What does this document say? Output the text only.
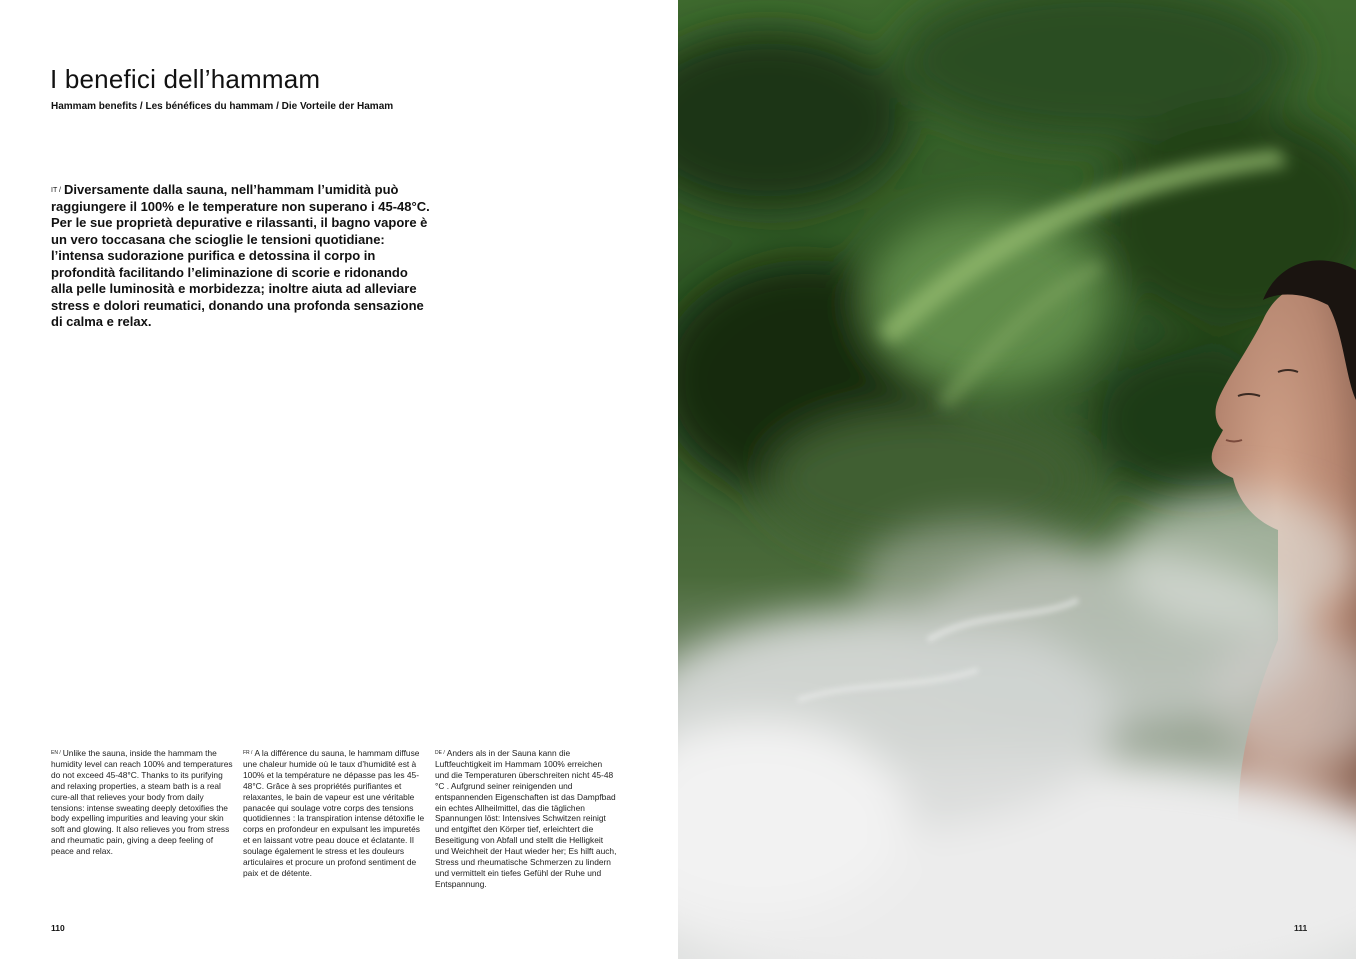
I benefici dell’hammam

Hammam benefits / Les bénéfices du hammam / Die Vorteile der Hamam

$^{IT /}$ Diversamente dalla sauna, nell’hammam l’umidità può raggiungere il 100% e le temperature non superano i 45-48°C. Per le sue proprietà depurative e rilassanti, il bagno vapore è un vero toccasana che scioglie le tensioni quotidiane: l’intensa sudorazione purifica e detossina il corpo in profondità facilitando l’eliminazione di scorie e ridonando alla pelle luminosità e morbidezza; inoltre aiuta ad alleviare stress e dolori reumatici, donando una profonda sensazione di calma e relax.

$^{EN /}$ Unlike the sauna, inside the hammam the humidity level can reach 100% and temperatures do not exceed 45-48°C. Thanks to its purifying and relaxing properties, a steam bath is a real cure-all that relieves your body from daily tensions: intense sweating deeply detoxifies the body expelling impurities and leaving your skin soft and glowing. It also relieves you from stress and rheumatic pain, giving a deep feeling of peace and relax.

$^{FR /}$ A la différence du sauna, le hammam diffuse une chaleur humide où le taux d’humidité est à 100% et la température ne dépasse pas les 45-48°C. Grâce à ses propriétés purifiantes et relaxantes, le bain de vapeur est une véritable panacée qui soulage votre corps des tensions quotidiennes : la transpiration intense détoxifie le corps en profondeur en expulsant les impuretés et en laissant votre peau douce et éclatante. Il soulage également le stress et les douleurs articulaires et procure un profond sentiment de paix et de détente.

$^{DE /}$ Anders als in der Sauna kann die Luftfeuchtigkeit im Hammam 100% erreichen und die Temperaturen überschreiten nicht 45-48 °C . Aufgrund seiner reinigenden und entspannenden Eigenschaften ist das Dampfbad ein echtes Allheilmittel, das die täglichen Spannungen löst: Intensives Schwitzen reinigt und entgiftet den Körper tief, erleichtert die Beseitigung von Abfall und stellt die Helligkeit und Weichheit der Haut wieder her; Es hilft auch, Stress und rheumatische Schmerzen zu lindern und vermittelt ein tiefes Gefühl der Ruhe und Entspannung.

110	111
